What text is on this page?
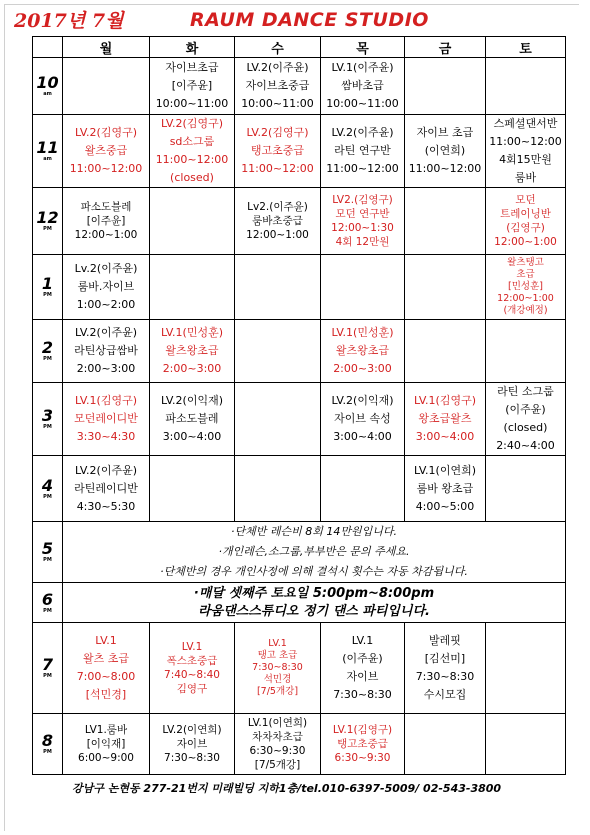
2017년 7월	RAUM DANCE STUDIO
	월	화	수	목	금	토

10
am		자이브초급
[이주윤]
10:00~11:00	LV.2(이주윤)
자이브초중급
10:00~11:00	LV.1(이주윤)
쌈바초급
10:00~11:00		

11
am	LV.2(김영구)
왈츠중급
11:00~12:00	LV.2(김영구)
sd소그룹
11:00~12:00
(closed)	LV.2(김영구)
탱고초중급
11:00~12:00	LV.2(이주윤)
라틴 연구반
11:00~12:00	자이브 초급
(이연희)
11:00~12:00	스페셜댄서반
11:00~12:00
4회15만원
룸바

12
PM	파소도블레
[이주윤]
12:00~1:00		Lv2.(이주윤)
룸바초중급
12:00~1:00	LV2.(김영구)
모던 연구반
12:00~1:30
4회 12만원		모던
트레이닝반
(김영구)
12:00~1:00

1
PM	Lv.2(이주윤)
룸바.자이브
1:00~2:00					왈츠탱고
초급
[민성훈]
12:00~1:00
(개강예정)

2
PM	LV.2(이주윤)
라틴상급쌈바
2:00~3:00	LV.1(민성훈)
왈츠왕초급
2:00~3:00		LV.1(민성훈)
왈츠왕초급
2:00~3:00		

3
PM	LV.1(김영구)
모던레이디반
3:30~4:30	LV.2(이익재)
파소도블레
3:00~4:00		LV.2(이익재)
자이브 속성
3:00~4:00	LV.1(김영구)
왕초급왈츠
3:00~4:00	라틴 소그룹
(이주윤)
(closed)
2:40~4:00

4
PM	LV.2(이주윤)
라틴레이디반
4:30~5:30				LV.1(이연희)
룸바 왕초급
4:00~5:00	

5
PM	·단체반 레슨비 8회 14만원입니다.
·개인레슨,소그룹,부부반은 문의 주세요.
·단체반의 경우 개인사정에 의해 결석시 횟수는 자동 차감됩니다.					

6
PM	·매달 셋째주 토요일 5:00pm~8:00pm
라움댄스스튜디오 정기 댄스 파티입니다.					

7
PM	LV.1
왈츠 초급
7:00~8:00
[석민경]	LV.1
폭스초중급
7:40~8:40
김영구	LV.1
탱고 초급
7:30~8:30
석민경
[7/5개강]	LV.1
(이주윤)
자이브
7:30~8:30	발레핏
[김선미]
7:30~8:30
수시모집	

8
PM	LV1.룸바
[이익재]
6:00~9:00	LV.2(이연희)
자이브
7:30~8:30	LV.1(이연희)
차차차초급
6:30~9:30
[7/5개강]	LV.1(김영구)
탱고초중급
6:30~9:30		

강남구 논현동 277-21번지 미래빌딩 지하1층/tel.010-6397-5009/ 02-543-3800
